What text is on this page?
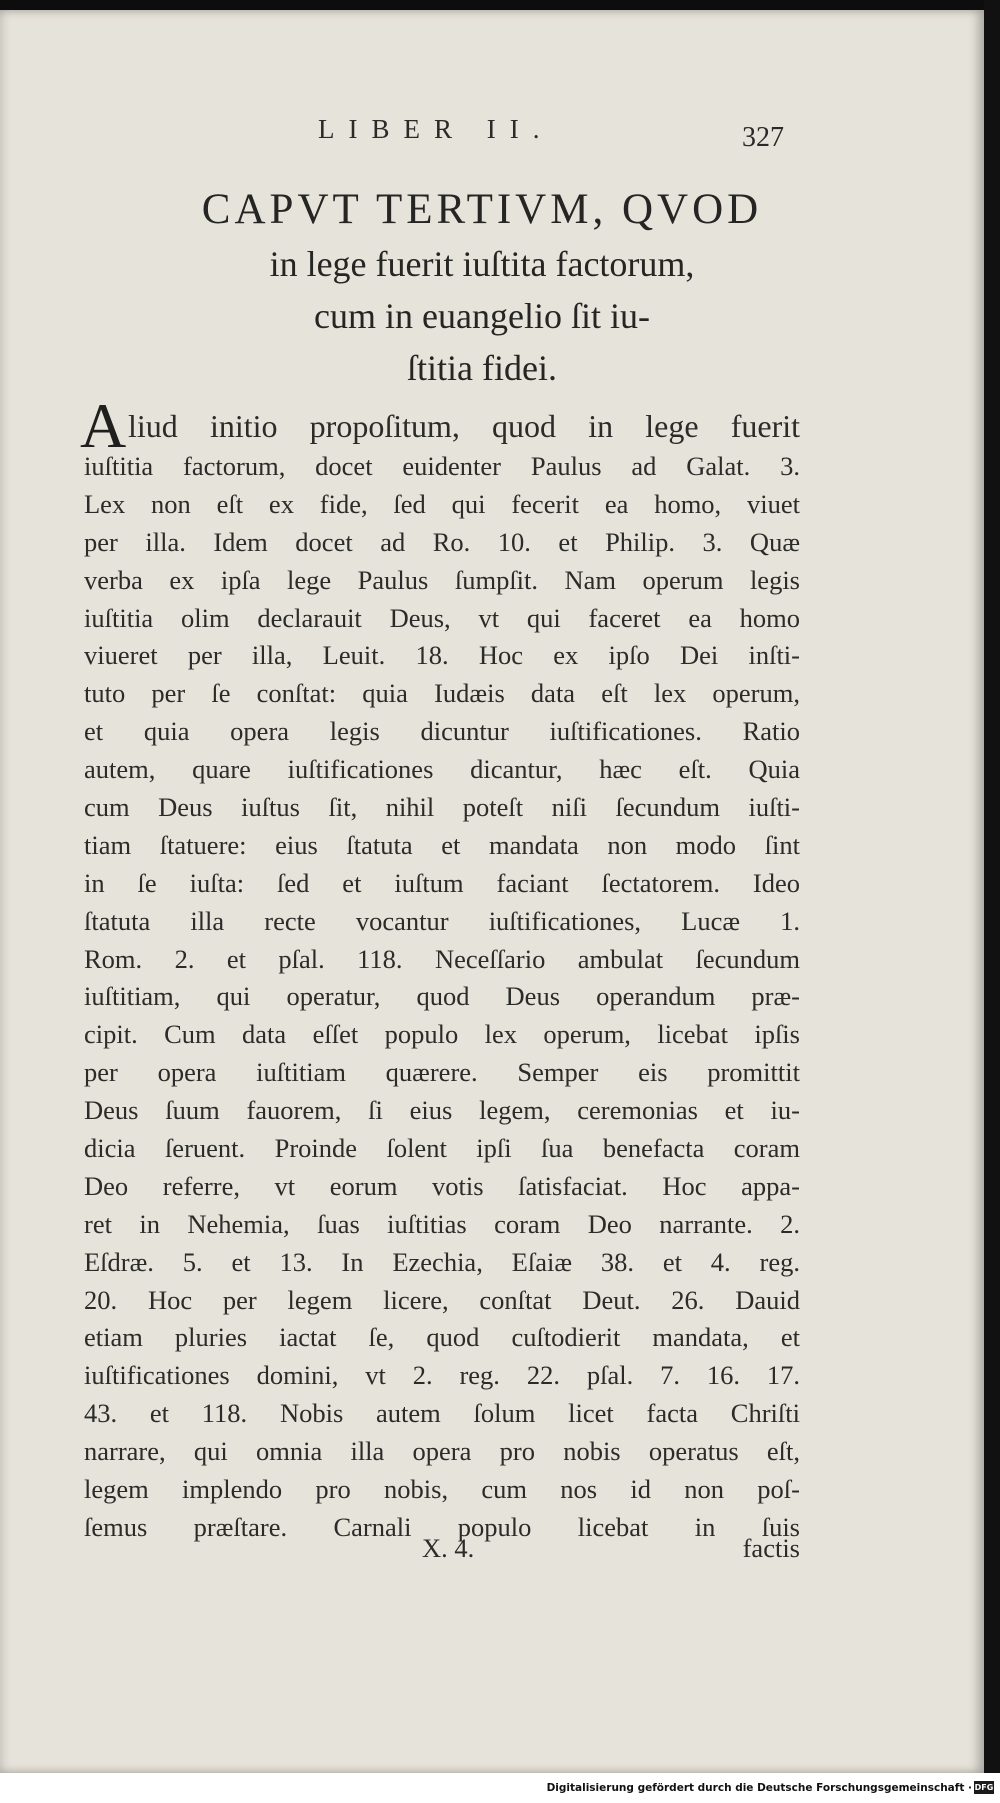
LIBER II.	327
CAPVT TERTIVM, QVOD
in lege fuerit iuſtita factorum,
cum in euangelio ſit iu-
ſtitia fidei.
A liud initio propoſitum, quod in lege fuerit
iuſtitia factorum, docet euidenter Paulus ad Galat. 3.
Lex non eſt ex fide, ſed qui fecerit ea homo, viuet
per illa. Idem docet ad Ro. 10. et Philip. 3. Quæ
verba ex ipſa lege Paulus ſumpſit. Nam operum legis
iuſtitia olim declarauit Deus, vt qui faceret ea homo
viueret per illa, Leuit. 18. Hoc ex ipſo Dei inſti-
tuto per ſe conſtat: quia Iudæis data eſt lex operum,
et quia opera legis dicuntur iuſtificationes. Ratio
autem, quare iuſtificationes dicantur, hæc eſt. Quia
cum Deus iuſtus ſit, nihil poteſt niſi ſecundum iuſti-
tiam ſtatuere: eius ſtatuta et mandata non modo ſint
in ſe iuſta: ſed et iuſtum faciant ſectatorem. Ideo
ſtatuta illa recte vocantur iuſtificationes, Lucæ 1.
Rom. 2. et pſal. 118. Neceſſario ambulat ſecundum
iuſtitiam, qui operatur, quod Deus operandum præ-
cipit. Cum data eſſet populo lex operum, licebat ipſis
per opera iuſtitiam quærere. Semper eis promittit
Deus ſuum fauorem, ſi eius legem, ceremonias et iu-
dicia ſeruent. Proinde ſolent ipſi ſua benefacta coram
Deo referre, vt eorum votis ſatisfaciat. Hoc appa-
ret in Nehemia, ſuas iuſtitias coram Deo narrante. 2.
Eſdræ. 5. et 13. In Ezechia, Eſaiæ 38. et 4. reg.
20. Hoc per legem licere, conſtat Deut. 26. Dauid
etiam pluries iactat ſe, quod cuſtodierit mandata, et
iuſtificationes domini, vt 2. reg. 22. pſal. 7. 16. 17.
43. et 118. Nobis autem ſolum licet facta Chriſti
narrare, qui omnia illa opera pro nobis operatus eſt,
legem implendo pro nobis, cum nos id non poſ-
ſemus præſtare. Carnali populo licebat in ſuis
X. 4.	factis
Digitalisierung gefördert durch die Deutsche Forschungsgemeinschaft · DFG
